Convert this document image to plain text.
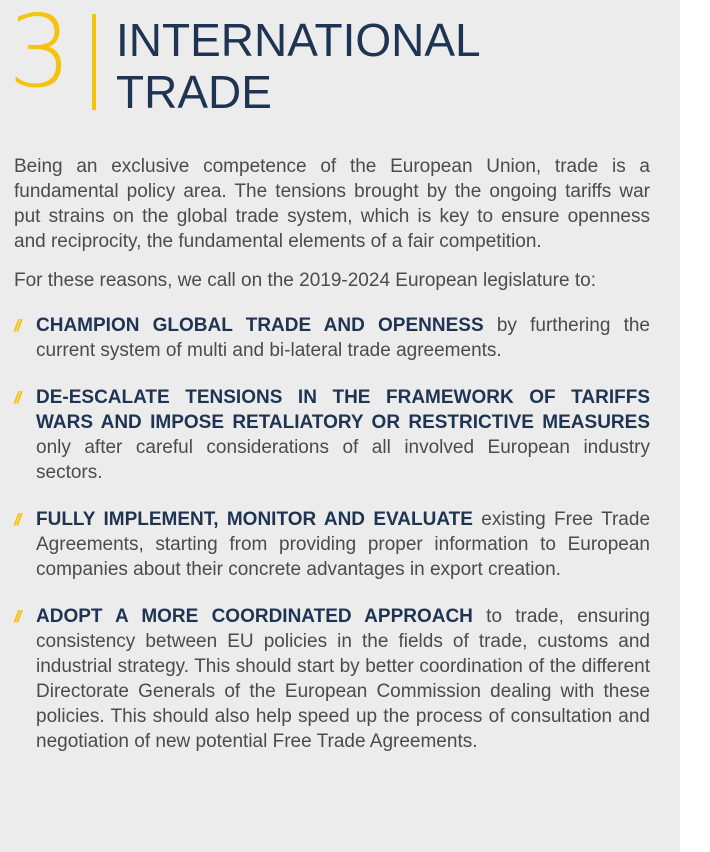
3 INTERNATIONAL
TRADE

Being an exclusive competence of the European Union, trade is a fundamental policy area. The tensions brought by the ongoing tariffs war put strains on the global trade system, which is key to ensure openness and reciprocity, the fundamental elements of a fair competition.

For these reasons, we call on the 2019-2024 European legislature to:

// CHAMPION GLOBAL TRADE AND OPENNESS by furthering the current system of multi and bi-lateral trade agreements.
// DE-ESCALATE TENSIONS IN THE FRAMEWORK OF TARIFFS WARS AND IMPOSE RETALIATORY OR RESTRICTIVE MEASURES only after careful considerations of all involved European industry sectors.
// FULLY IMPLEMENT, MONITOR AND EVALUATE existing Free Trade Agreements, starting from providing proper information to European companies about their concrete advantages in export creation.
// ADOPT A MORE COORDINATED APPROACH to trade, ensuring consistency between EU policies in the fields of trade, customs and industrial strategy. This should start by better coordination of the different Directorate Generals of the European Commission dealing with these policies. This should also help speed up the process of consultation and negotiation of new potential Free Trade Agreements.
